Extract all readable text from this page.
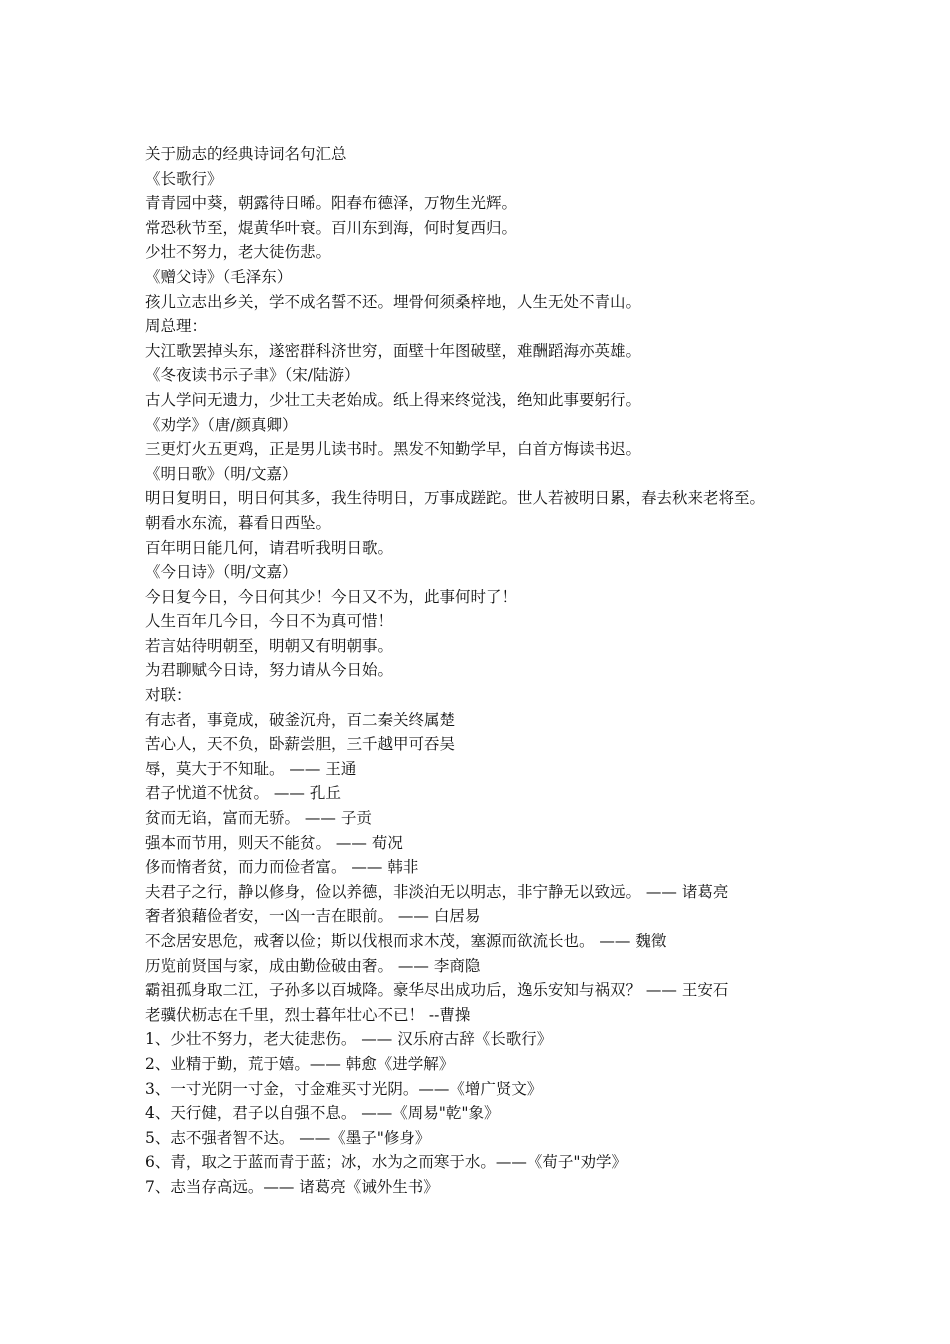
关于励志的经典诗词名句汇总
《长歌行》
青青园中葵，朝露待日晞。阳春布德泽，万物生光辉。
常恐秋节至，焜黄华叶衰。百川东到海，何时复西归。
少壮不努力，老大徒伤悲。
《赠父诗》（毛泽东）
孩儿立志出乡关，学不成名誓不还。埋骨何须桑梓地，人生无处不青山。
周总理：
大江歌罢掉头东，遂密群科济世穷，面壁十年图破壁，难酬蹈海亦英雄。
《冬夜读书示子聿》（宋/陆游）
古人学问无遗力，少壮工夫老始成。纸上得来终觉浅，绝知此事要躬行。
《劝学》（唐/颜真卿）
三更灯火五更鸡，正是男儿读书时。黑发不知勤学早，白首方悔读书迟。
《明日歌》（明/文嘉）
明日复明日，明日何其多，我生待明日，万事成蹉跎。世人若被明日累，春去秋来老将至。
朝看水东流，暮看日西坠。
百年明日能几何，请君听我明日歌。
《今日诗》（明/文嘉）
今日复今日，今日何其少！今日又不为，此事何时了！
人生百年几今日，今日不为真可惜！
若言姑待明朝至，明朝又有明朝事。
为君聊赋今日诗，努力请从今日始。
对联：
有志者，事竟成，破釜沉舟，百二秦关终属楚
苦心人，天不负，卧薪尝胆，三千越甲可吞吴
辱，莫大于不知耻。 —— 王通
君子忧道不忧贫。 —— 孔丘
贫而无谄，富而无骄。 —— 子贡
强本而节用，则天不能贫。 —— 荀况
侈而惰者贫，而力而俭者富。 —— 韩非
夫君子之行，静以修身，俭以养德，非淡泊无以明志，非宁静无以致远。 —— 诸葛亮
奢者狼藉俭者安，一凶一吉在眼前。 —— 白居易
不念居安思危，戒奢以俭；斯以伐根而求木茂，塞源而欲流长也。 —— 魏徵
历览前贤国与家，成由勤俭破由奢。 —— 李商隐
霸祖孤身取二江，子孙多以百城降。豪华尽出成功后，逸乐安知与祸双？ —— 王安石
老骥伏枥志在千里，烈士暮年壮心不已！ --曹操
1、少壮不努力，老大徒悲伤。 —— 汉乐府古辞《长歌行》
2、业精于勤，荒于嬉。—— 韩愈《进学解》
3、一寸光阴一寸金，寸金难买寸光阴。——《增广贤文》
4、天行健，君子以自强不息。 ——《周易"乾"象》
5、志不强者智不达。 ——《墨子"修身》
6、青，取之于蓝而青于蓝；冰，水为之而寒于水。——《荀子"劝学》
7、志当存高远。—— 诸葛亮《诫外生书》
